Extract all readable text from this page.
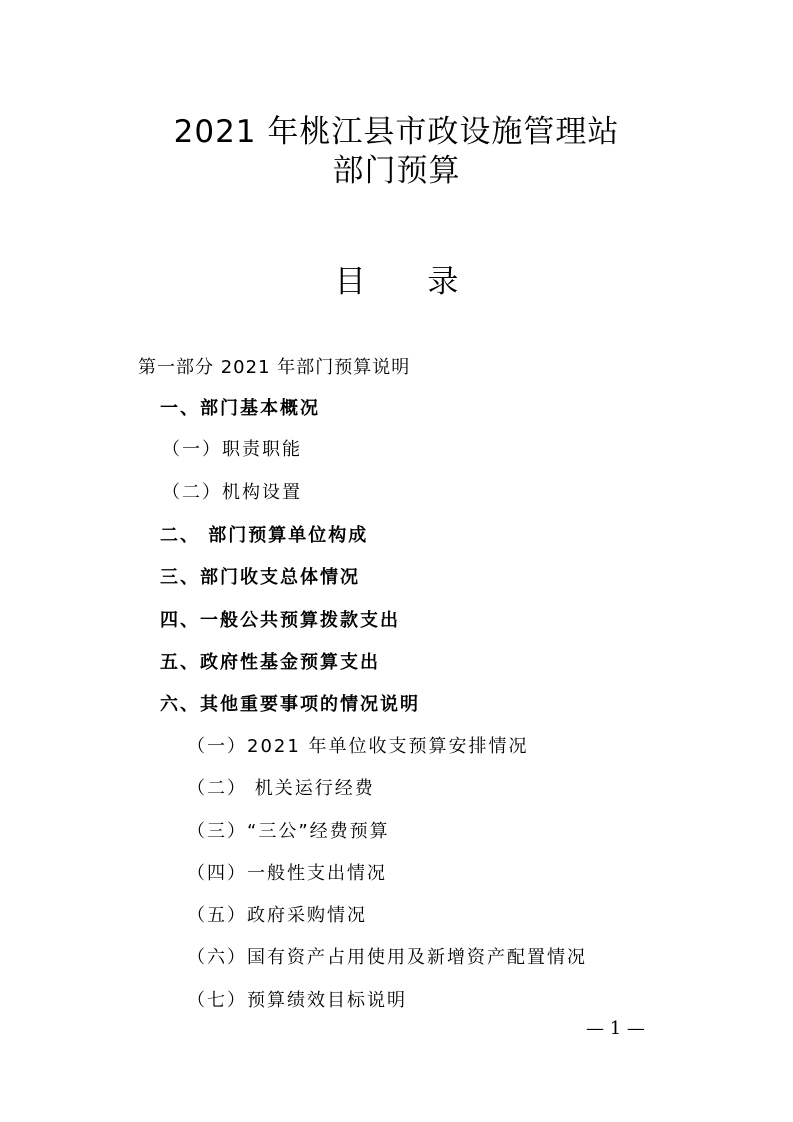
2021 年桃江县市政设施管理站
部门预算
目 录
第一部分 2021 年部门预算说明
一、部门基本概况
（一）职责职能
（二）机构设置
二、 部门预算单位构成
三、部门收支总体情况
四、一般公共预算拨款支出
五、政府性基金预算支出
六、其他重要事项的情况说明
（一）2021 年单位收支预算安排情况
（二） 机关运行经费
（三）“三公”经费预算
（四）一般性支出情况
（五）政府采购情况
（六）国有资产占用使用及新增资产配置情况
（七）预算绩效目标说明
— 1 —
